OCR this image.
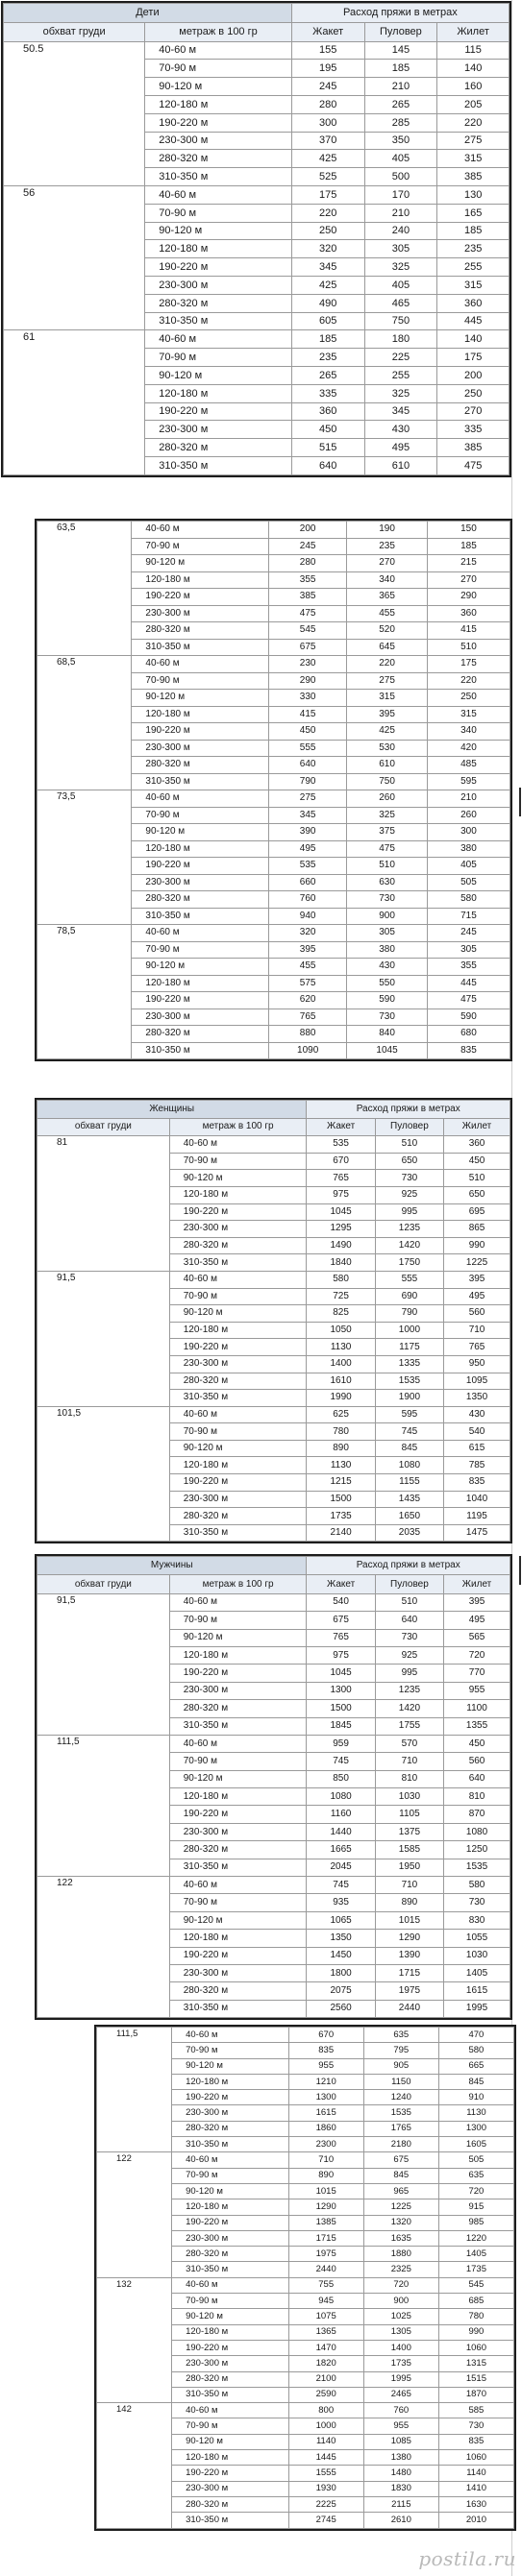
Дети		Расход пряжи в метрах		
обхват груди	метраж в 100 гр	Жакет	Пуловер	Жилет
50.5	40-60 м	155	145	115
	70-90 м	195	185	140
	90-120 м	245	210	160
	120-180 м	280	265	205
	190-220 м	300	285	220
	230-300 м	370	350	275
	280-320 м	425	405	315
	310-350 м	525	500	385
56	40-60 м	175	170	130
	70-90 м	220	210	165
	90-120 м	250	240	185
	120-180 м	320	305	235
	190-220 м	345	325	255
	230-300 м	425	405	315
	280-320 м	490	465	360
	310-350 м	605	750	445
61	40-60 м	185	180	140
	70-90 м	235	225	175
	90-120 м	265	255	200
	120-180 м	335	325	250
	190-220 м	360	345	270
	230-300 м	450	430	335
	280-320 м	515	495	385
	310-350 м	640	610	475
63,5	40-60 м	200	190	150
	70-90 м	245	235	185
	90-120 м	280	270	215
	120-180 м	355	340	270
	190-220 м	385	365	290
	230-300 м	475	455	360
	280-320 м	545	520	415
	310-350 м	675	645	510
68,5	40-60 м	230	220	175
	70-90 м	290	275	220
	90-120 м	330	315	250
	120-180 м	415	395	315
	190-220 м	450	425	340
	230-300 м	555	530	420
	280-320 м	640	610	485
	310-350 м	790	750	595
73,5	40-60 м	275	260	210
	70-90 м	345	325	260
	90-120 м	390	375	300
	120-180 м	495	475	380
	190-220 м	535	510	405
	230-300 м	660	630	505
	280-320 м	760	730	580
	310-350 м	940	900	715
78,5	40-60 м	320	305	245
	70-90 м	395	380	305
	90-120 м	455	430	355
	120-180 м	575	550	445
	190-220 м	620	590	475
	230-300 м	765	730	590
	280-320 м	880	840	680
	310-350 м	1090	1045	835
Женщины		Расход пряжи в метрах		
обхват груди	метраж в 100 гр	Жакет	Пуловер	Жилет
81	40-60 м	535	510	360
	70-90 м	670	650	450
	90-120 м	765	730	510
	120-180 м	975	925	650
	190-220 м	1045	995	695
	230-300 м	1295	1235	865
	280-320 м	1490	1420	990
	310-350 м	1840	1750	1225
91,5	40-60 м	580	555	395
	70-90 м	725	690	495
	90-120 м	825	790	560
	120-180 м	1050	1000	710
	190-220 м	1130	1175	765
	230-300 м	1400	1335	950
	280-320 м	1610	1535	1095
	310-350 м	1990	1900	1350
101,5	40-60 м	625	595	430
	70-90 м	780	745	540
	90-120 м	890	845	615
	120-180 м	1130	1080	785
	190-220 м	1215	1155	835
	230-300 м	1500	1435	1040
	280-320 м	1735	1650	1195
	310-350 м	2140	2035	1475
Мужчины		Расход пряжи в метрах		
обхват груди	метраж в 100 гр	Жакет	Пуловер	Жилет
91,5	40-60 м	540	510	395
	70-90 м	675	640	495
	90-120 м	765	730	565
	120-180 м	975	925	720
	190-220 м	1045	995	770
	230-300 м	1300	1235	955
	280-320 м	1500	1420	1100
	310-350 м	1845	1755	1355
111,5	40-60 м	959	570	450
	70-90 м	745	710	560
	90-120 м	850	810	640
	120-180 м	1080	1030	810
	190-220 м	1160	1105	870
	230-300 м	1440	1375	1080
	280-320 м	1665	1585	1250
	310-350 м	2045	1950	1535
122	40-60 м	745	710	580
	70-90 м	935	890	730
	90-120 м	1065	1015	830
	120-180 м	1350	1290	1055
	190-220 м	1450	1390	1030
	230-300 м	1800	1715	1405
	280-320 м	2075	1975	1615
	310-350 м	2560	2440	1995
111,5	40-60 м	670	635	470
	70-90 м	835	795	580
	90-120 м	955	905	665
	120-180 м	1210	1150	845
	190-220 м	1300	1240	910
	230-300 м	1615	1535	1130
	280-320 м	1860	1765	1300
	310-350 м	2300	2180	1605
122	40-60 м	710	675	505
	70-90 м	890	845	635
	90-120 м	1015	965	720
	120-180 м	1290	1225	915
	190-220 м	1385	1320	985
	230-300 м	1715	1635	1220
	280-320 м	1975	1880	1405
	310-350 м	2440	2325	1735
132	40-60 м	755	720	545
	70-90 м	945	900	685
	90-120 м	1075	1025	780
	120-180 м	1365	1305	990
	190-220 м	1470	1400	1060
	230-300 м	1820	1735	1315
	280-320 м	2100	1995	1515
	310-350 м	2590	2465	1870
142	40-60 м	800	760	585
	70-90 м	1000	955	730
	90-120 м	1140	1085	835
	120-180 м	1445	1380	1060
	190-220 м	1555	1480	1140
	230-300 м	1930	1830	1410
	280-320 м	2225	2115	1630
	310-350 м	2745	2610	2010
postila.ru
